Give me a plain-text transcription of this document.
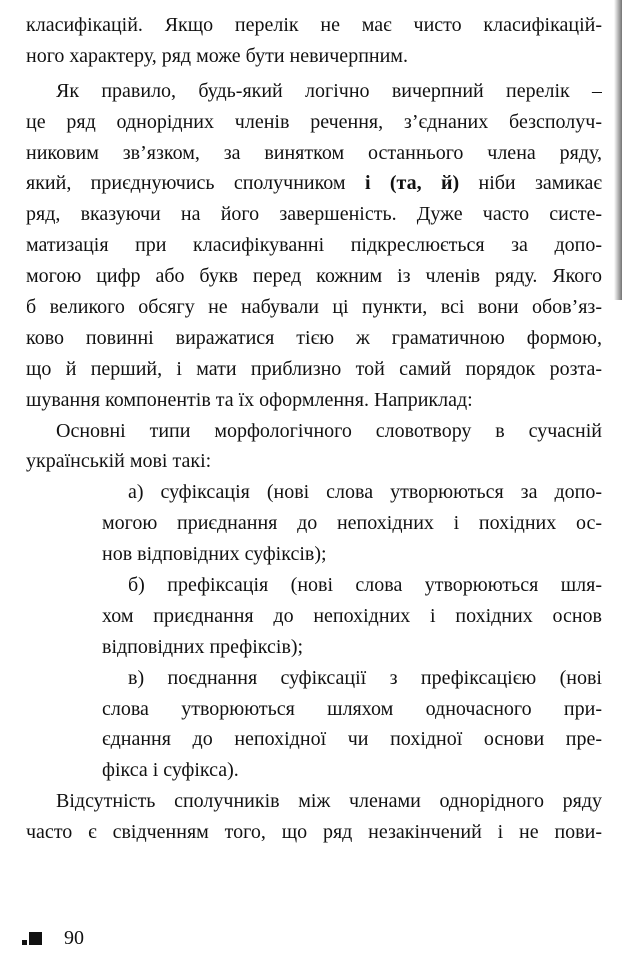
класифікацій. Якщо перелік не має чисто класифікацій-
ного характеру, ряд може бути невичерпним.
Як правило, будь-який логічно вичерпний перелік –
це ряд однорідних членів речення, з’єднаних безсполуч-
никовим зв’язком, за винятком останнього члена ряду,
який, приєднуючись сполучником і (та, й) ніби замикає
ряд, вказуючи на його завершеність. Дуже часто систе-
матизація при класифікуванні підкреслюється за допо-
могою цифр або букв перед кожним із членів ряду. Якого
б великого обсягу не набували ці пункти, всі вони обов’яз-
ково повинні виражатися тією ж граматичною формою,
що й перший, і мати приблизно той самий порядок розта-
шування компонентів та їх оформлення. Наприклад:
Основні типи морфологічного словотвору в сучасній
українській мові такі:
а) суфіксація (нові слова утворюються за допо-
могою приєднання до непохідних і похідних ос-
нов відповідних суфіксів);
б) префіксація (нові слова утворюються шля-
хом приєднання до непохідних і похідних основ
відповідних префіксів);
в) поєднання суфіксації з префіксацією (нові
слова утворюються шляхом одночасного при-
єднання до непохідної чи похідної основи пре-
фікса і суфікса).
Відсутність сполучників між членами однорідного ряду
часто є свідченням того, що ряд незакінчений і не пови-
90
